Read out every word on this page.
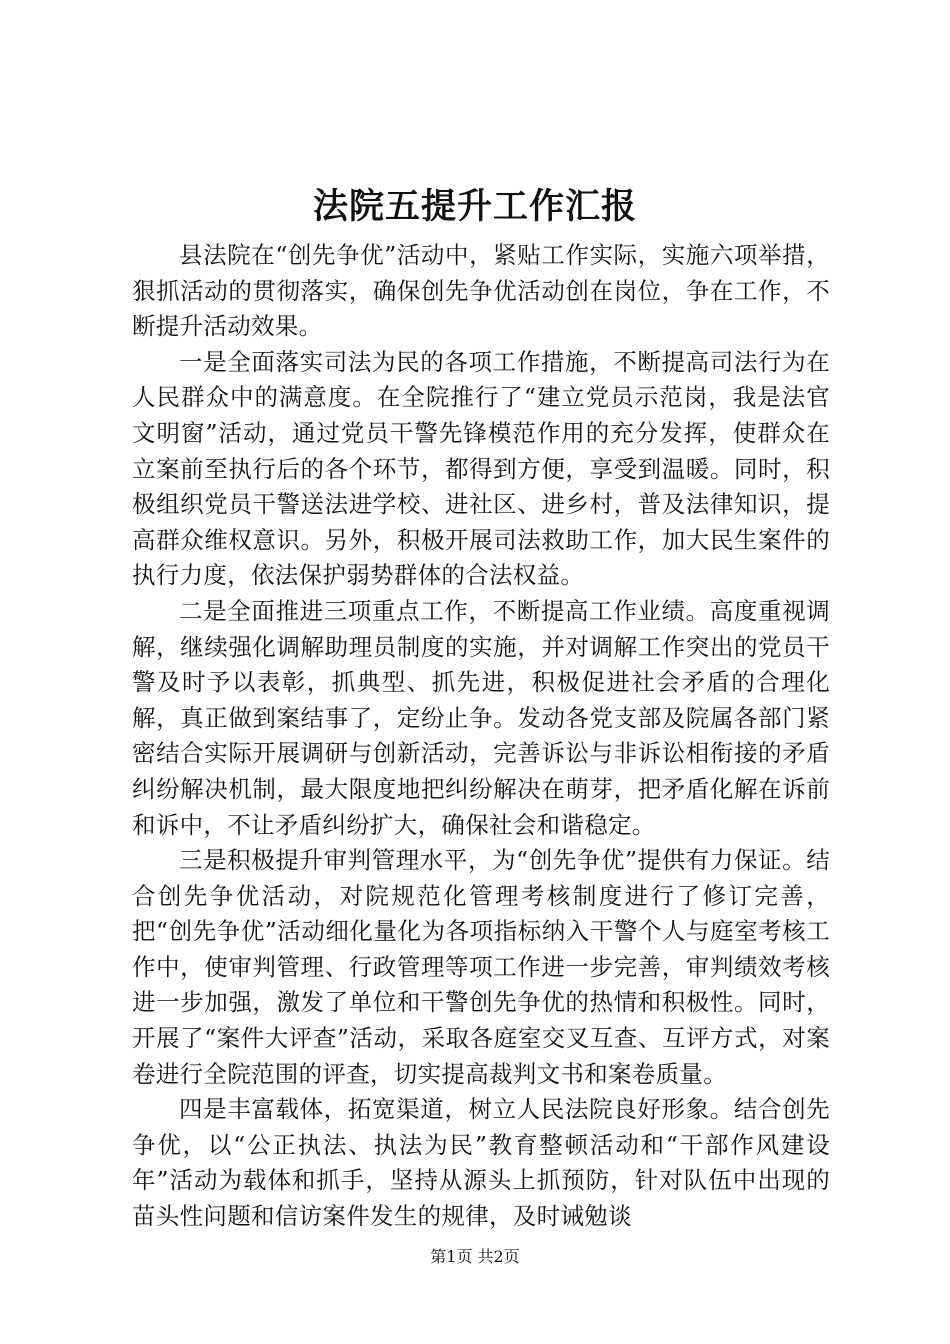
法院五提升工作汇报

县法院在“创先争优”活动中，紧贴工作实际，实施六项举措，狠抓活动的贯彻落实，确保创先争优活动创在岗位，争在工作，不断提升活动效果。

一是全面落实司法为民的各项工作措施，不断提高司法行为在人民群众中的满意度。在全院推行了“建立党员示范岗，我是法官文明窗”活动，通过党员干警先锋模范作用的充分发挥，使群众在立案前至执行后的各个环节，都得到方便，享受到温暖。同时，积极组织党员干警送法进学校、进社区、进乡村，普及法律知识，提高群众维权意识。另外，积极开展司法救助工作，加大民生案件的执行力度，依法保护弱势群体的合法权益。

二是全面推进三项重点工作，不断提高工作业绩。高度重视调解，继续强化调解助理员制度的实施，并对调解工作突出的党员干警及时予以表彰，抓典型、抓先进，积极促进社会矛盾的合理化解，真正做到案结事了，定纷止争。发动各党支部及院属各部门紧密结合实际开展调研与创新活动，完善诉讼与非诉讼相衔接的矛盾纠纷解决机制，最大限度地把纠纷解决在萌芽，把矛盾化解在诉前和诉中，不让矛盾纠纷扩大，确保社会和谐稳定。

三是积极提升审判管理水平，为“创先争优”提供有力保证。结合创先争优活动，对院规范化管理考核制度进行了修订完善，把“创先争优”活动细化量化为各项指标纳入干警个人与庭室考核工作中，使审判管理、行政管理等项工作进一步完善，审判绩效考核进一步加强，激发了单位和干警创先争优的热情和积极性。同时，开展了“案件大评查”活动，采取各庭室交叉互查、互评方式，对案卷进行全院范围的评查，切实提高裁判文书和案卷质量。

四是丰富载体，拓宽渠道，树立人民法院良好形象。结合创先争优，以“公正执法、执法为民”教育整顿活动和“干部作风建设年”活动为载体和抓手，坚持从源头上抓预防，针对队伍中出现的苗头性问题和信访案件发生的规律，及时诫勉谈

第1页 共2页
